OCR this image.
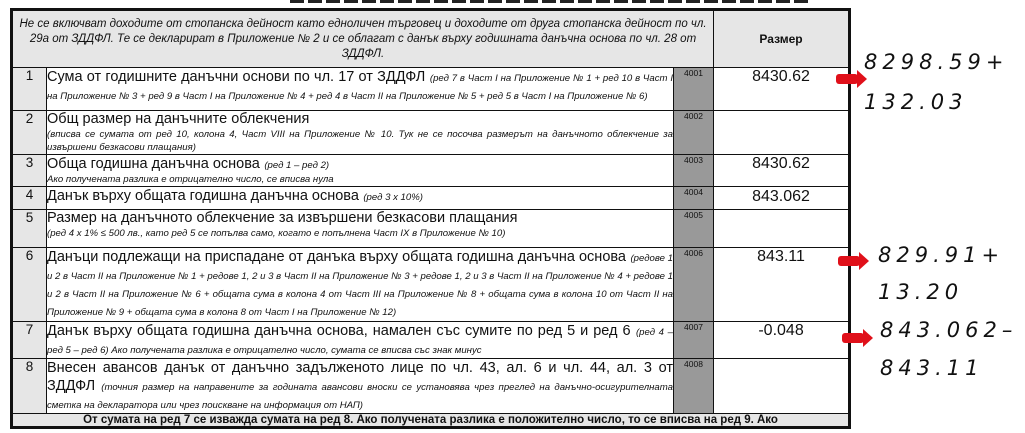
Не се включват доходите от стопанска дейност като едноличен търговец и доходите от друга стопанска дейност по чл. 29а от ЗДДФЛ. Те се декларират в Приложение № 2 и се облагат с данък върху годишната данъчна основа по чл. 28 от ЗДДФЛ.			Размер
1	Сума от годишните данъчни основи по чл. 17 от ЗДДФЛ (ред 7 в Част I на Приложение № 1 + ред 10 в Част I на Приложение № 3 + ред 9 в Част I на Приложение № 4 + ред 4 в Част II на Приложение № 5 + ред 5 в Част I на Приложение № 6)	4001	8430.62
2	Общ размер на данъчните облекчения
(вписва се сумата от ред 10, колона 4, Част VIII на Приложение № 10. Тук не се посочва размерът на данъчното облекчение за извършени безкасови плащания)	4002	
3	Обща годишна данъчна основа (ред 1 – ред 2)
Ако получената разлика е отрицателно число, се вписва нула	4003	8430.62
4	Данък върху общата годишна данъчна основа (ред 3 x 10%)	4004	843.062
5	Размер на данъчното облекчение за извършени безкасови плащания
(ред 4 x 1% ≤ 500 лв., като ред 5 се попълва само, когато е попълнена Част IX в Приложение № 10)	4005	
6	Данъци подлежащи на приспадане от данъка върху общата годишна данъчна основа (редове 1 и 2 в Част II на Приложение № 1 + редове 1, 2 и 3 в Част II на Приложение № 3 + редове 1, 2 и 3 в Част II на Приложение № 4 + редове 1 и 2 в Част II на Приложение № 6 + общата сума в колона 4 от Част III на Приложение № 8 + общата сума в колона 10 от Част II на Приложение № 9 + общата сума в колона 8 от Част I на Приложение № 12)	4006	843.11
7	Данък върху общата годишна данъчна основа, намален със сумите по ред 5 и ред 6 (ред 4 – ред 5 – ред 6) Ако получената разлика е отрицателно число, сумата се вписва със знак минус	4007	-0.048
8	Внесен авансов данък от данъчно задълженото лице по чл. 43, ал. 6 и чл. 44, ал. 3 от ЗДДФЛ (точния размер на направените за годината авансови вноски се установява чрез преглед на данъчно-осигурителната сметка на декларатора или чрез поискване на информация от НАП)	4008	
От сумата на ред 7 се изважда сумата на ред 8. Ако получената разлика е положително число, то се вписва на ред 9. Ако			
8298.59+
132.03
829.91+
13.20
843.062–
843.11
